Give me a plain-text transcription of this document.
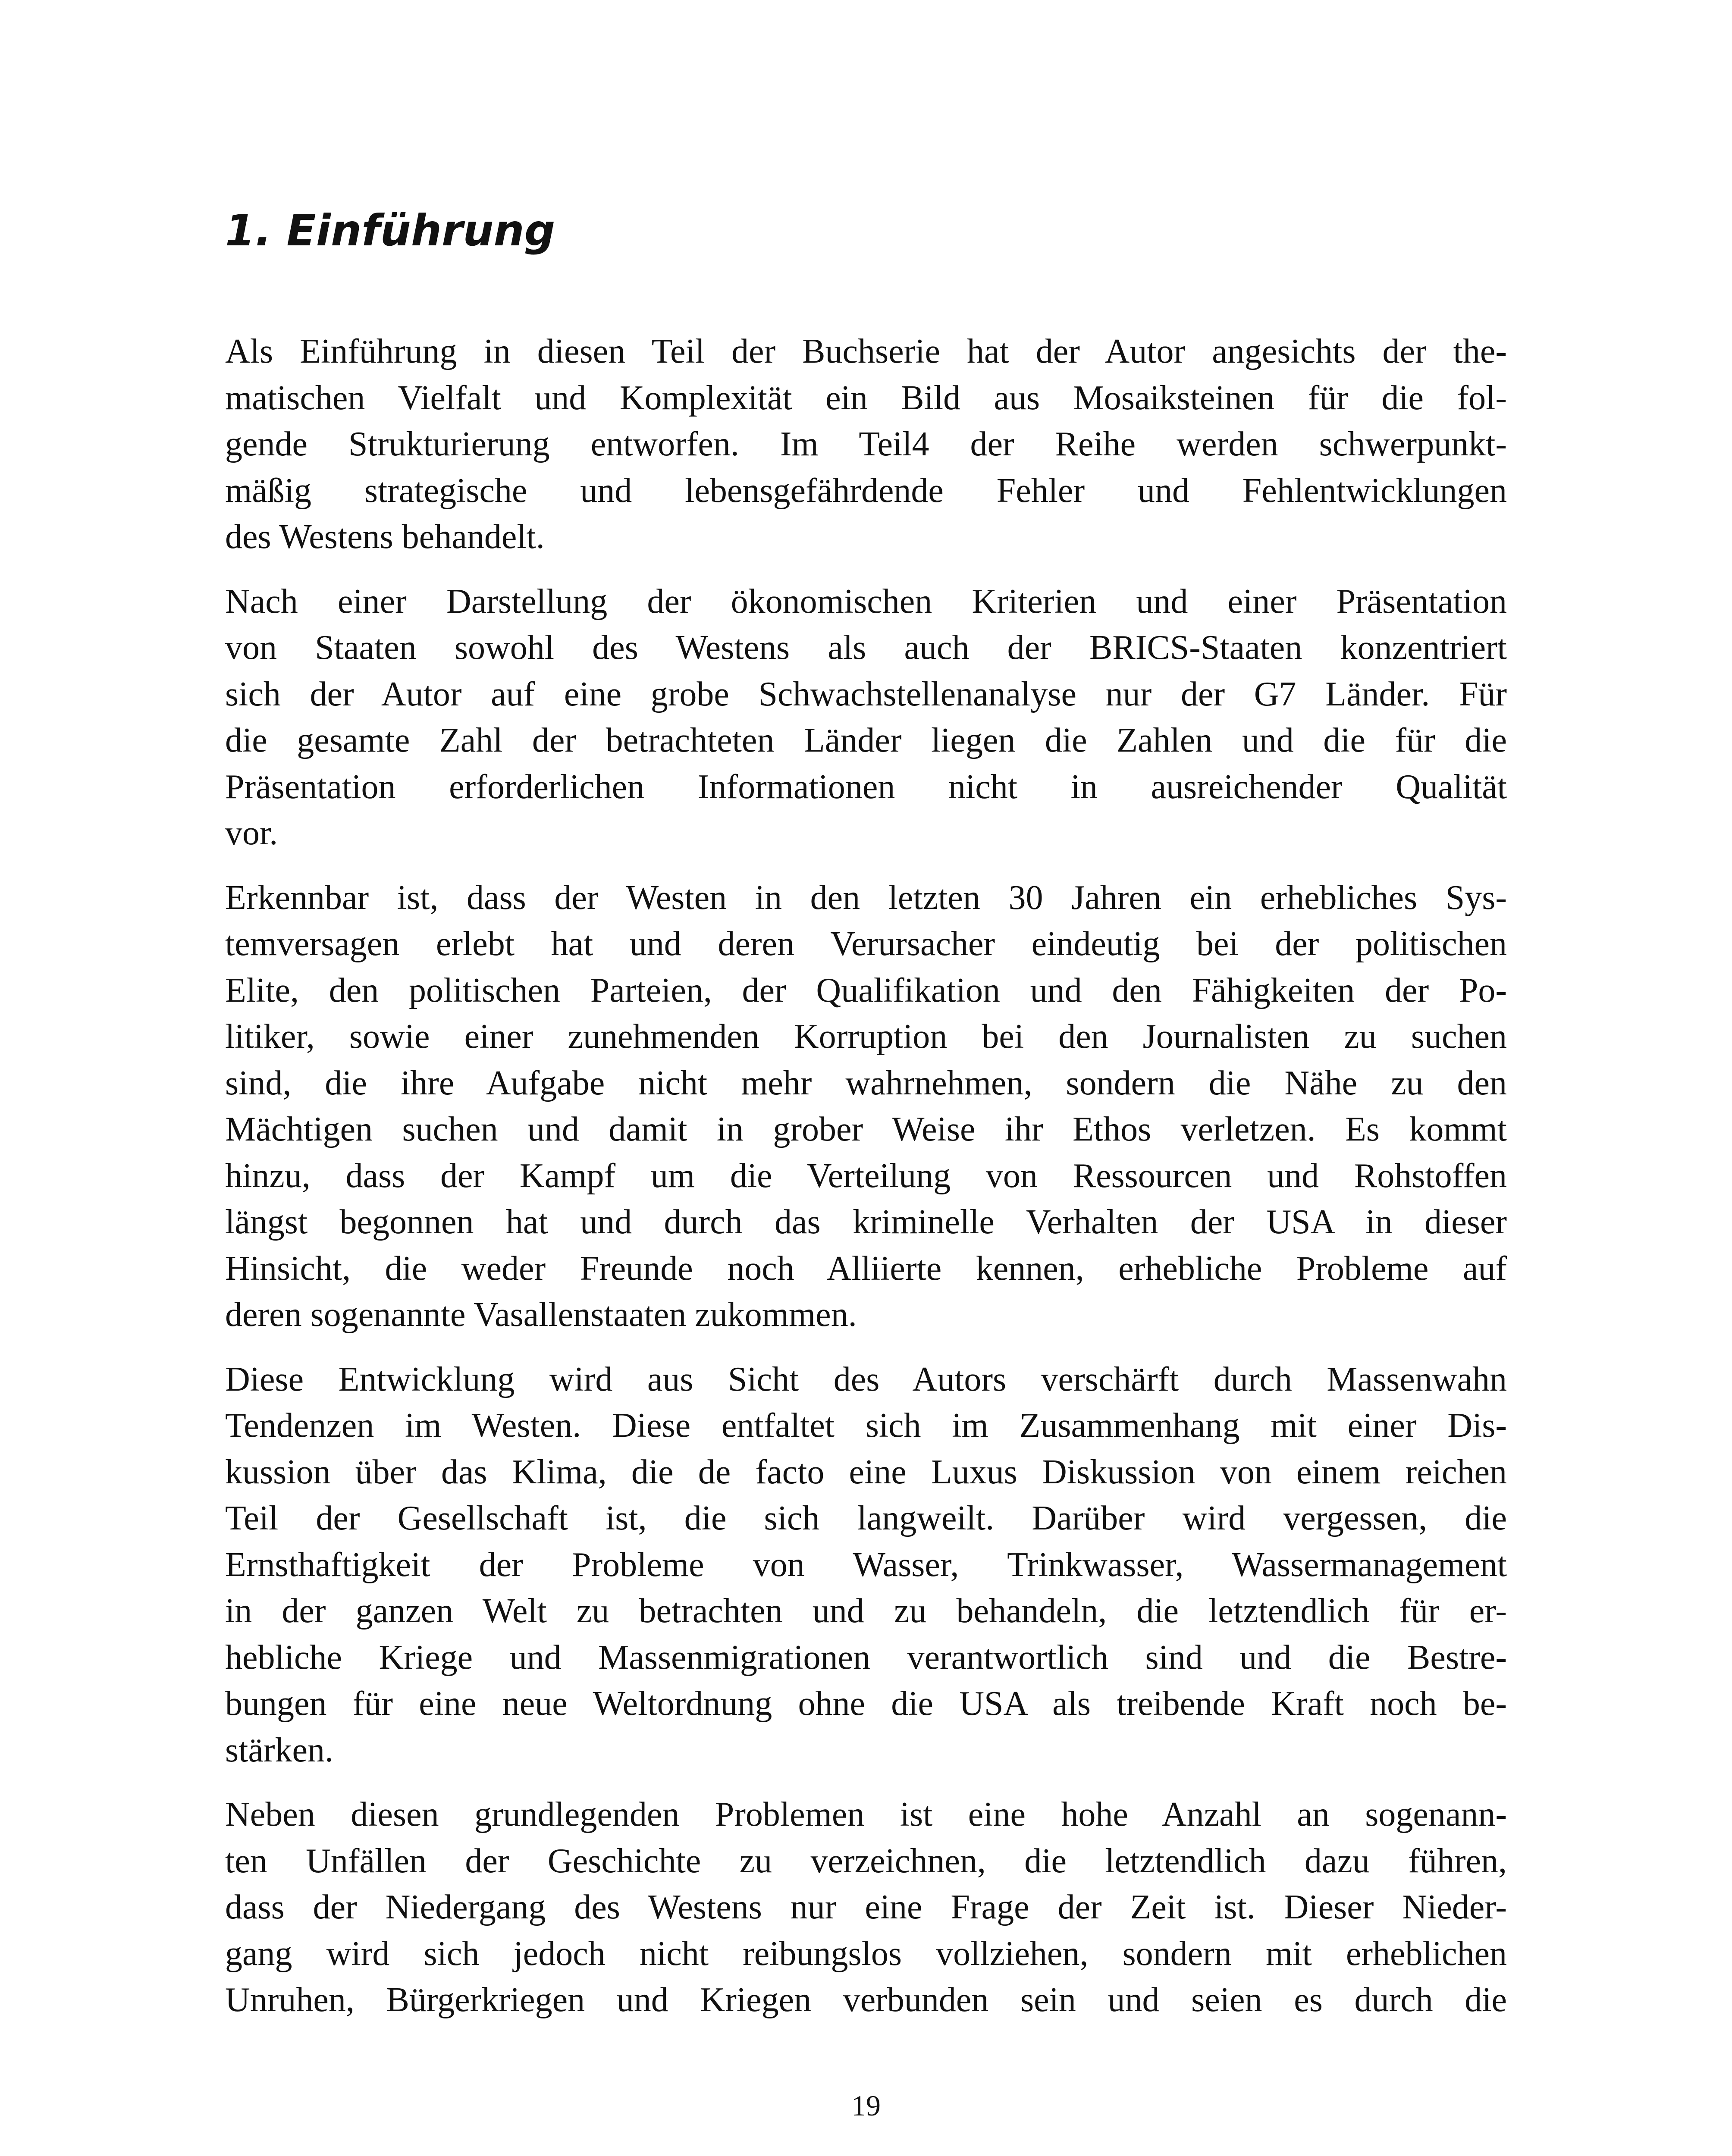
1. Einführung

Als Einführung in diesen Teil der Buchserie hat der Autor angesichts der the-
matischen Vielfalt und Komplexität ein Bild aus Mosaiksteinen für die fol-
gende Strukturierung entworfen. Im Teil4 der Reihe werden schwerpunkt-
mäßig strategische und lebensgefährdende Fehler und Fehlentwicklungen
des Westens behandelt.

Nach einer Darstellung der ökonomischen Kriterien und einer Präsentation
von Staaten sowohl des Westens als auch der BRICS-Staaten konzentriert
sich der Autor auf eine grobe Schwachstellenanalyse nur der G7 Länder. Für
die gesamte Zahl der betrachteten Länder liegen die Zahlen und die für die
Präsentation erforderlichen Informationen nicht in ausreichender Qualität
vor.

Erkennbar ist, dass der Westen in den letzten 30 Jahren ein erhebliches Sys-
temversagen erlebt hat und deren Verursacher eindeutig bei der politischen
Elite, den politischen Parteien, der Qualifikation und den Fähigkeiten der Po-
litiker, sowie einer zunehmenden Korruption bei den Journalisten zu suchen
sind, die ihre Aufgabe nicht mehr wahrnehmen, sondern die Nähe zu den
Mächtigen suchen und damit in grober Weise ihr Ethos verletzen. Es kommt
hinzu, dass der Kampf um die Verteilung von Ressourcen und Rohstoffen
längst begonnen hat und durch das kriminelle Verhalten der USA in dieser
Hinsicht, die weder Freunde noch Alliierte kennen, erhebliche Probleme auf
deren sogenannte Vasallenstaaten zukommen.

Diese Entwicklung wird aus Sicht des Autors verschärft durch Massenwahn
Tendenzen im Westen. Diese entfaltet sich im Zusammenhang mit einer Dis-
kussion über das Klima, die de facto eine Luxus Diskussion von einem reichen
Teil der Gesellschaft ist, die sich langweilt. Darüber wird vergessen, die
Ernsthaftigkeit der Probleme von Wasser, Trinkwasser, Wassermanagement
in der ganzen Welt zu betrachten und zu behandeln, die letztendlich für er-
hebliche Kriege und Massenmigrationen verantwortlich sind und die Bestre-
bungen für eine neue Weltordnung ohne die USA als treibende Kraft noch be-
stärken.

Neben diesen grundlegenden Problemen ist eine hohe Anzahl an sogenann-
ten Unfällen der Geschichte zu verzeichnen, die letztendlich dazu führen,
dass der Niedergang des Westens nur eine Frage der Zeit ist. Dieser Nieder-
gang wird sich jedoch nicht reibungslos vollziehen, sondern mit erheblichen
Unruhen, Bürgerkriegen und Kriegen verbunden sein und seien es durch die

19
